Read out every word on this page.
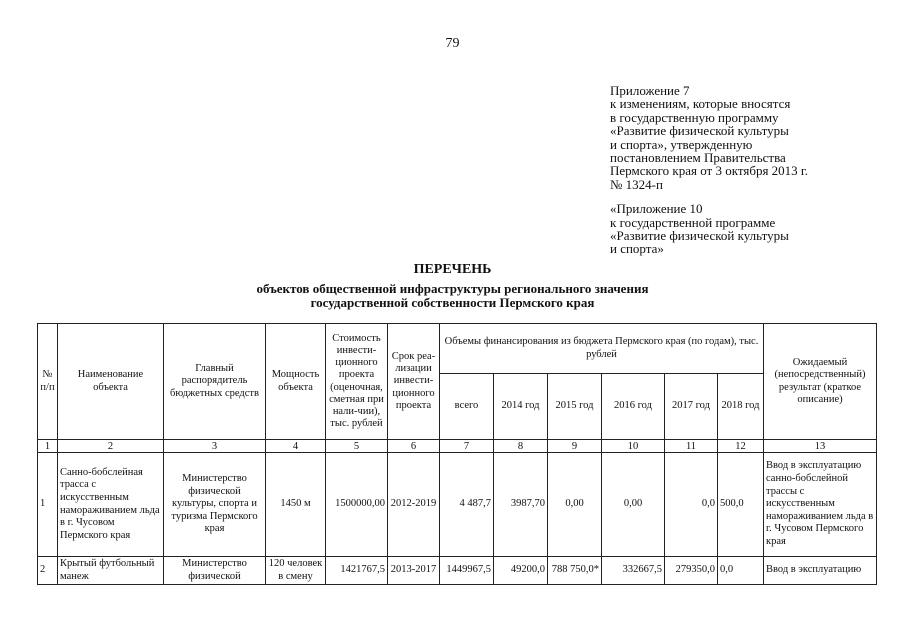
79
Приложение 7
к изменениям, которые вносятся
в государственную программу
«Развитие физической культуры
и спорта», утвержденную
постановлением Правительства
Пермского края от 3 октября 2013 г.
№ 1324-п
«Приложение 10
к государственной программе
«Развитие физической культуры
и спорта»
ПЕРЕЧЕНЬ
объектов общественной инфраструктуры регионального значения
государственной собственности Пермского края
№ п/п	Наименование объекта	Главный распорядитель бюджетных средств	Мощность объекта	Стоимость инвести-ционного проекта (оценочная, сметная при нали-чии), тыс. рублей	Срок реа-лизации инвести-ционного проекта	Объемы финансирования из бюджета Пермского края (по годам), тыс. рублей						Ожидаемый (непосредственный) результат (краткое описание)
						всего	2014 год	2015 год	2016 год	2017 год	2018 год	
1	2	3	4	5	6	7	8	9	10	11	12	13
1	Санно-бобслейная трасса с искусственным намораживанием льда в г. Чусовом Пермского края	Министерство физической культуры, спорта и туризма Пермского края	1450 м	1500000,00	2012-2019	4 487,7	3987,70	0,00	0,00	0,0	500,0	Ввод в эксплуатацию санно-бобслейной трассы с искусственным намораживанием льда в г. Чусовом Пермского края
2	Крытый футбольный манеж	Министерство физической	120 человек в смену	1421767,5	2013-2017	1449967,5	49200,0	788 750,0*	332667,5	279350,0	0,0	Ввод в эксплуатацию
